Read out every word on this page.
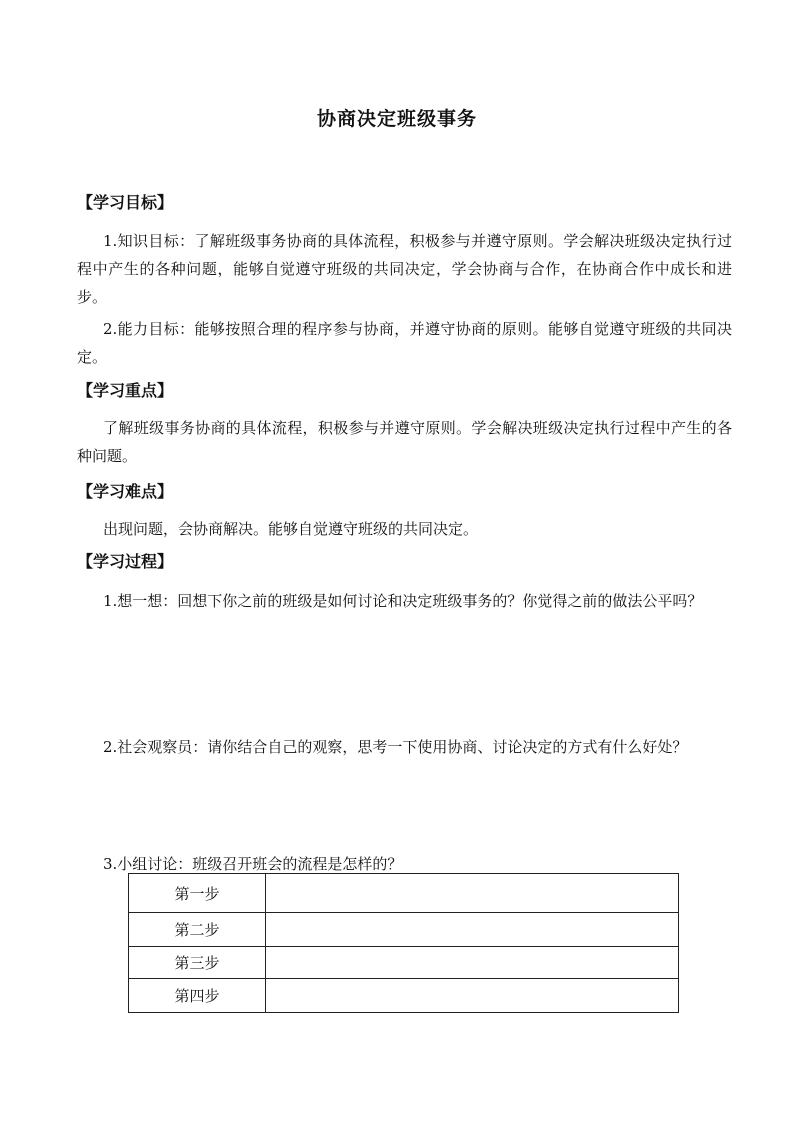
协商决定班级事务
【学习目标】
1.知识目标：了解班级事务协商的具体流程，积极参与并遵守原则。学会解决班级决定执行过程中产生的各种问题，能够自觉遵守班级的共同决定，学会协商与合作，在协商合作中成长和进步。
2.能力目标：能够按照合理的程序参与协商，并遵守协商的原则。能够自觉遵守班级的共同决定。
【学习重点】
了解班级事务协商的具体流程，积极参与并遵守原则。学会解决班级决定执行过程中产生的各种问题。
【学习难点】
出现问题，会协商解决。能够自觉遵守班级的共同决定。
【学习过程】
1.想一想：回想下你之前的班级是如何讨论和决定班级事务的？你觉得之前的做法公平吗？
2.社会观察员：请你结合自己的观察，思考一下使用协商、讨论决定的方式有什么好处？
3.小组讨论：班级召开班会的流程是怎样的？
第一步	
第二步	
第三步	
第四步	
